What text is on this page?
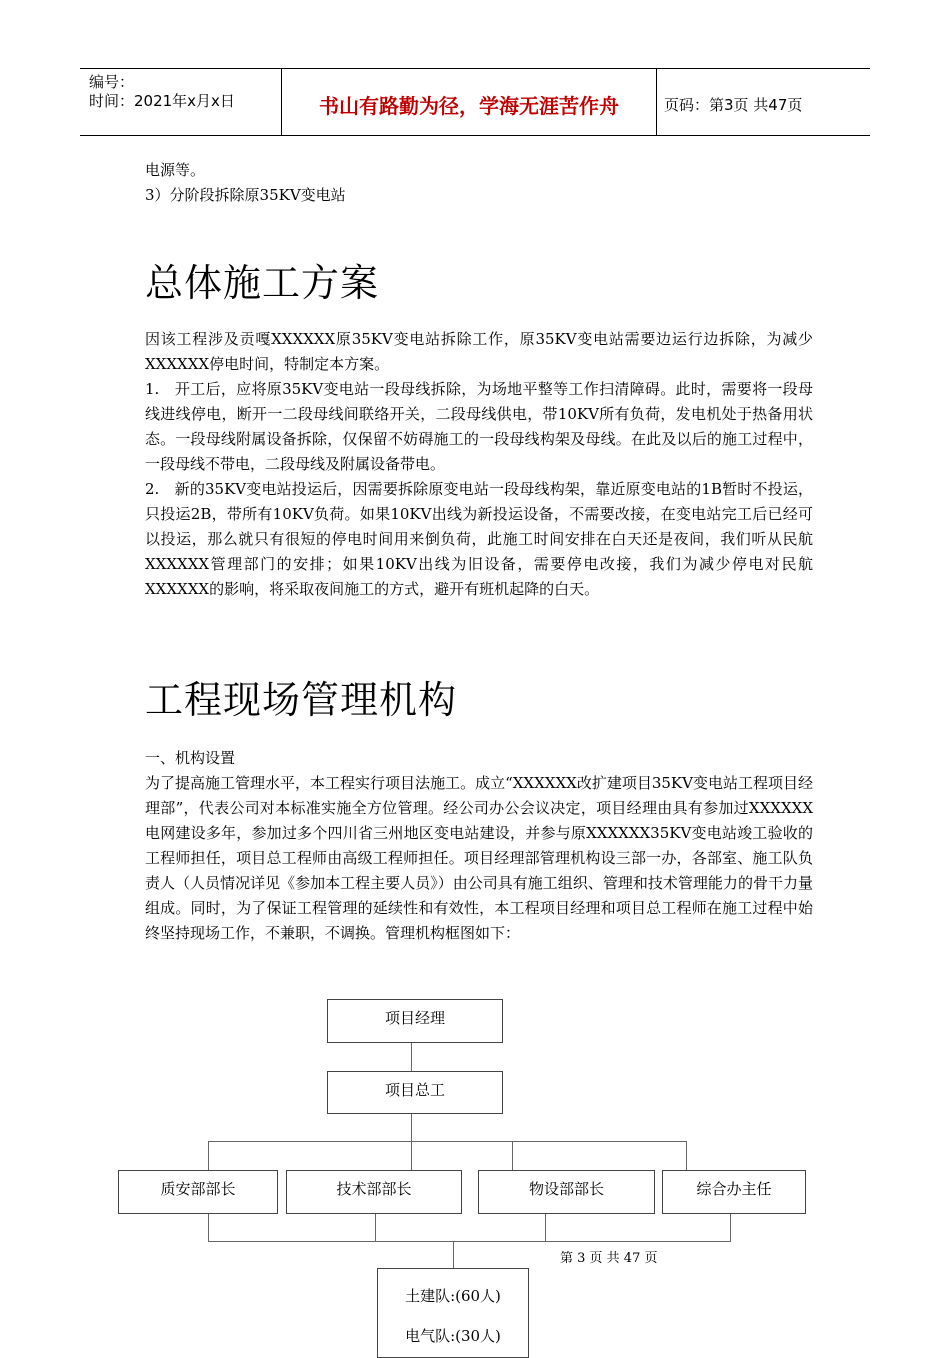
编号：
时间：2021年x月x日	书山有路勤为径，学海无涯苦作舟	页码：第3页 共47页

电源等。

3）分阶段拆除原35KV变电站

总体施工方案

因该工程涉及贡嘎XXXXXX原35KV变电站拆除工作，原35KV变电站需要边运行边拆除，为减少XXXXXX停电时间，特制定本方案。

1.　开工后，应将原35KV变电站一段母线拆除，为场地平整等工作扫清障碍。此时，需要将一段母线进线停电，断开一二段母线间联络开关，二段母线供电，带10KV所有负荷，发电机处于热备用状态。一段母线附属设备拆除，仅保留不妨碍施工的一段母线构架及母线。在此及以后的施工过程中，一段母线不带电，二段母线及附属设备带电。

2.　新的35KV变电站投运后，因需要拆除原变电站一段母线构架，靠近原变电站的1B暂时不投运，只投运2B，带所有10KV负荷。如果10KV出线为新投运设备，不需要改接，在变电站完工后已经可以投运，那么就只有很短的停电时间用来倒负荷，此施工时间安排在白天还是夜间，我们听从民航XXXXXX管理部门的安排；如果10KV出线为旧设备，需要停电改接，我们为减少停电对民航XXXXXX的影响，将采取夜间施工的方式，避开有班机起降的白天。

工程现场管理机构

一、机构设置

为了提高施工管理水平，本工程实行项目法施工。成立“XXXXXX改扩建项目35KV变电站工程项目经理部”，代表公司对本标准实施全方位管理。经公司办公会议决定，项目经理由具有参加过XXXXXX电网建设多年，参加过多个四川省三州地区变电站建设，并参与原XXXXXX35KV变电站竣工验收的工程师担任，项目总工程师由高级工程师担任。项目经理部管理机构设三部一办，各部室、施工队负责人（人员情况详见《参加本工程主要人员》）由公司具有施工组织、管理和技术管理能力的骨干力量组成。同时，为了保证工程管理的延续性和有效性，本工程项目经理和项目总工程师在施工过程中始终坚持现场工作，不兼职，不调换。管理机构框图如下：

项目经理
项目总工
质安部部长	技术部部长	物设部部长	综合办主任
土建队:(60人)
电气队:(30人)
第 3 页 共 47 页
